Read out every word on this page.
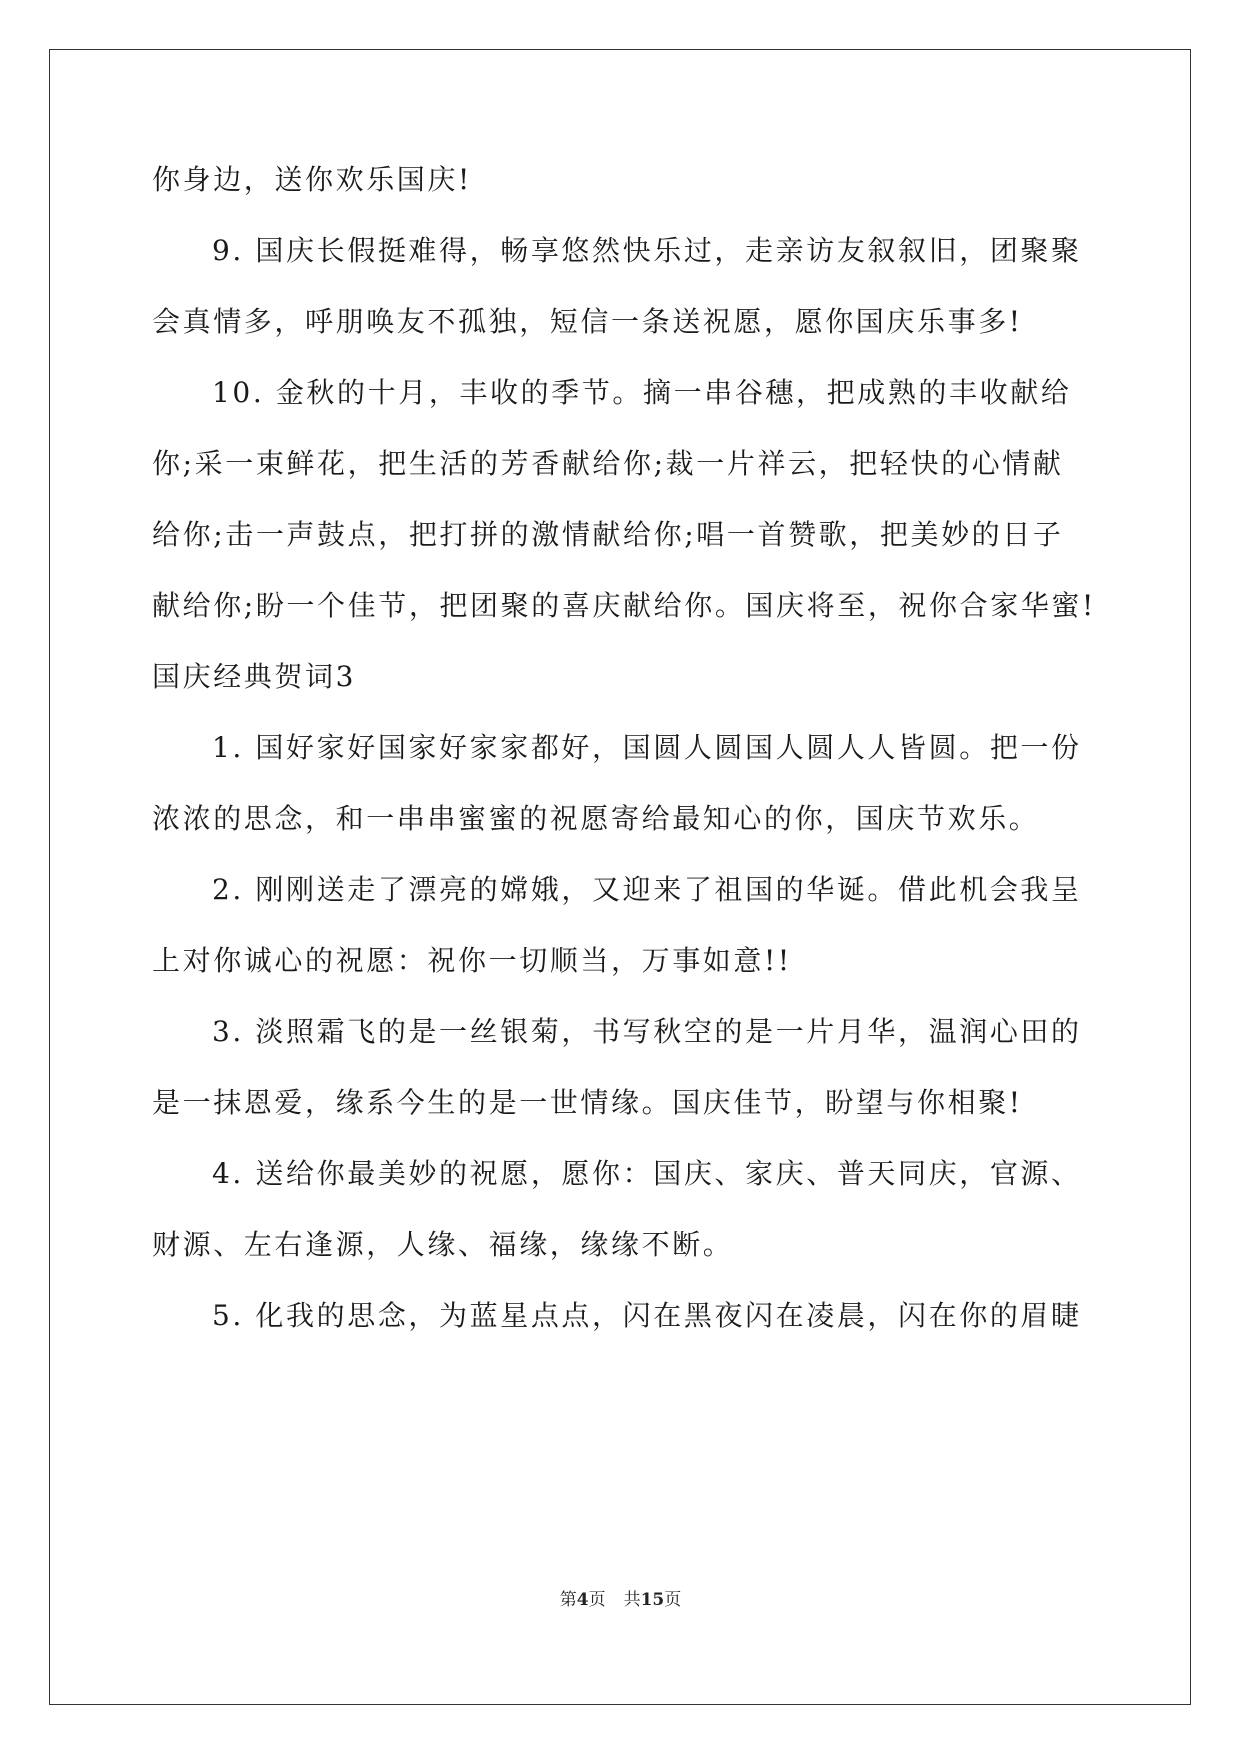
你身边，送你欢乐国庆!
9. 国庆长假挺难得，畅享悠然快乐过，走亲访友叙叙旧，团聚聚
会真情多，呼朋唤友不孤独，短信一条送祝愿，愿你国庆乐事多!
10. 金秋的十月，丰收的季节。摘一串谷穗，把成熟的丰收献给
你;采一束鲜花，把生活的芳香献给你;裁一片祥云，把轻快的心情献
给你;击一声鼓点，把打拼的激情献给你;唱一首赞歌，把美妙的日子
献给你;盼一个佳节，把团聚的喜庆献给你。国庆将至，祝你合家华蜜!
国庆经典贺词3
1. 国好家好国家好家家都好，国圆人圆国人圆人人皆圆。把一份
浓浓的思念，和一串串蜜蜜的祝愿寄给最知心的你，国庆节欢乐。
2. 刚刚送走了漂亮的嫦娥，又迎来了祖国的华诞。借此机会我呈
上对你诚心的祝愿：祝你一切顺当，万事如意!!
3. 淡照霜飞的是一丝银菊，书写秋空的是一片月华，温润心田的
是一抹恩爱，缘系今生的是一世情缘。国庆佳节，盼望与你相聚!
4. 送给你最美妙的祝愿，愿你：国庆、家庆、普天同庆，官源、
财源、左右逢源，人缘、福缘，缘缘不断。
5. 化我的思念，为蓝星点点，闪在黑夜闪在凌晨，闪在你的眉睫
第4页 共15页
